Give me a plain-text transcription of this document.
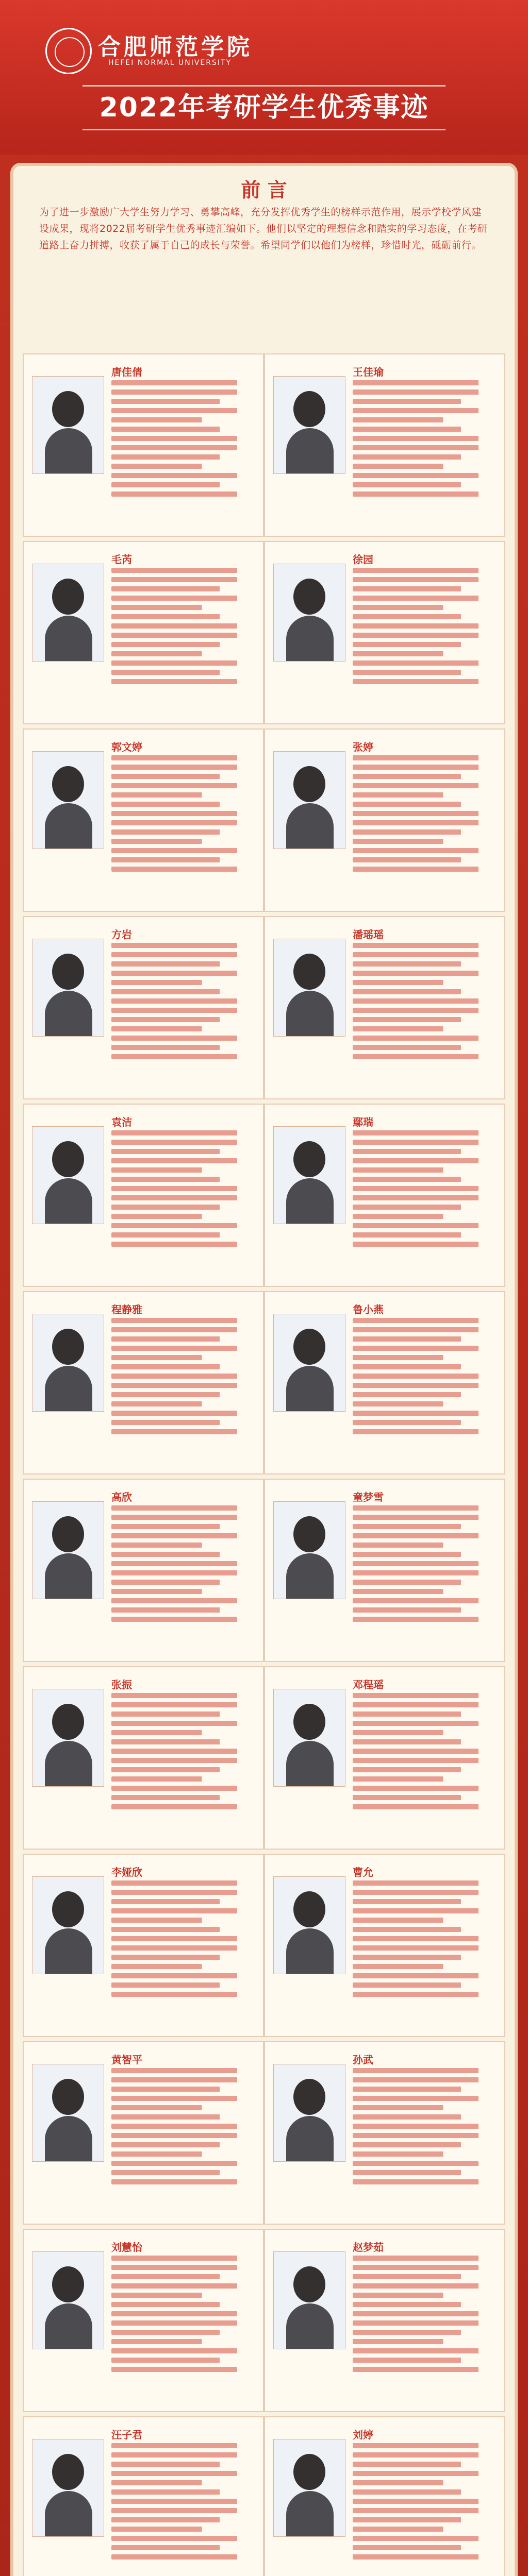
合肥师范学院
HEFEI NORMAL UNIVERSITY
2022年考研学生优秀事迹
前 言
为了进一步激励广大学生努力学习、勇攀高峰，充分发挥优秀学生的榜样示范作用，展示学校学风建设成果，现将2022届考研学生优秀事迹汇编如下。他们以坚定的理想信念和踏实的学习态度，在考研道路上奋力拼搏，收获了属于自己的成长与荣誉。希望同学们以他们为榜样，珍惜时光，砥砺前行。
唐佳倩	王佳瑜
毛芮	徐园
郭文婷	张婷
方岩	潘瑶瑶
袁洁	鄢瑞
程静雅	鲁小燕
高欣	童梦雪
张振	邓程瑶
李娅欣	曹允
黄智平	孙武
刘慧怡	赵梦茹
汪子君	刘婷
